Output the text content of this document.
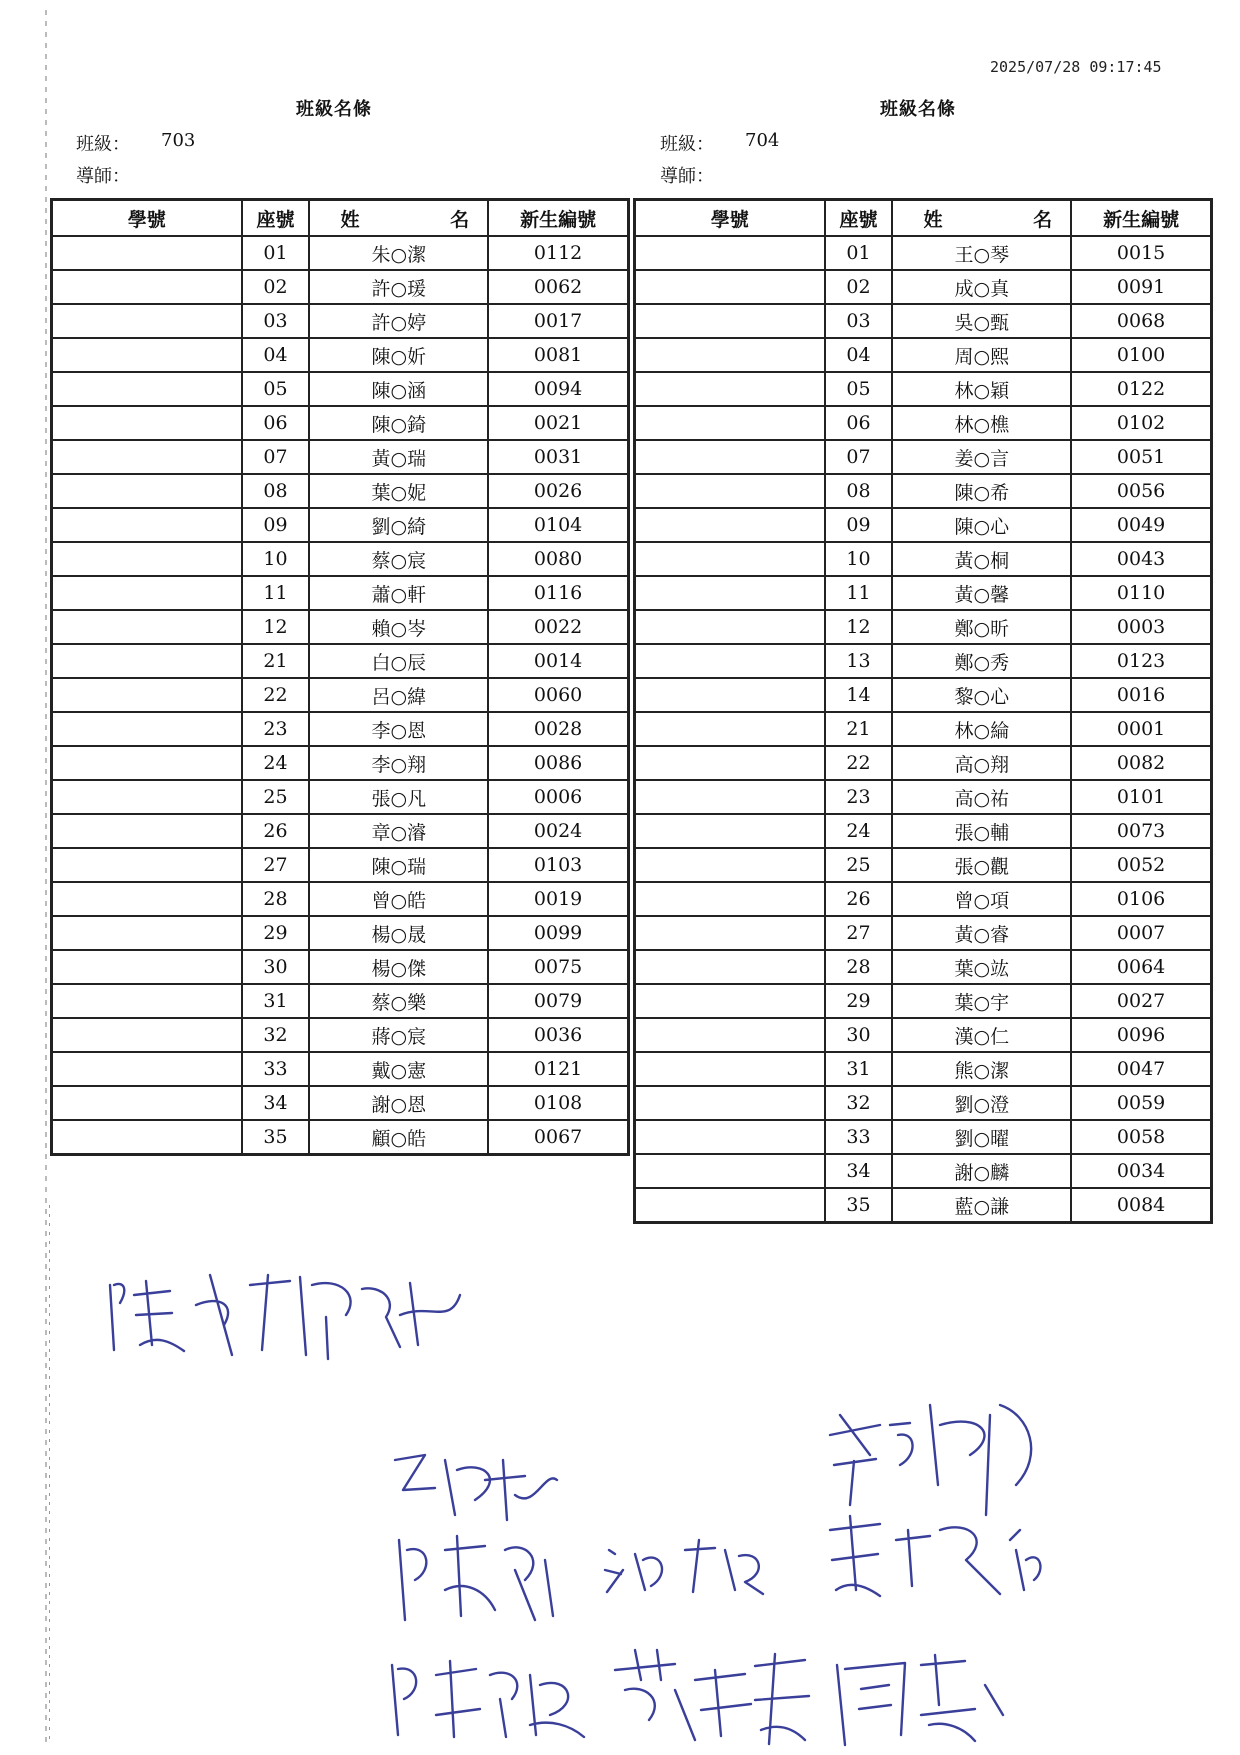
2025/07/28 09:17:45
班級名條
班級： 703
導師：
學號	座號	姓 名	新生編號
	01	朱○潔	0112
	02	許○瑗	0062
	03	許○婷	0017
	04	陳○妡	0081
	05	陳○涵	0094
	06	陳○錡	0021
	07	黃○瑞	0031
	08	葉○妮	0026
	09	劉○綺	0104
	10	蔡○宸	0080
	11	蕭○軒	0116
	12	賴○岑	0022
	21	白○辰	0014
	22	呂○緯	0060
	23	李○恩	0028
	24	李○翔	0086
	25	張○凡	0006
	26	章○濬	0024
	27	陳○瑞	0103
	28	曾○皓	0019
	29	楊○晟	0099
	30	楊○傑	0075
	31	蔡○樂	0079
	32	蔣○宸	0036
	33	戴○憲	0121
	34	謝○恩	0108
	35	顧○皓	0067
班級名條
班級： 704
導師：
學號	座號	姓 名	新生編號
	01	王○琴	0015
	02	成○真	0091
	03	吳○甄	0068
	04	周○熙	0100
	05	林○穎	0122
	06	林○樵	0102
	07	姜○言	0051
	08	陳○希	0056
	09	陳○心	0049
	10	黃○桐	0043
	11	黃○馨	0110
	12	鄭○昕	0003
	13	鄭○秀	0123
	14	黎○心	0016
	21	林○綸	0001
	22	高○翔	0082
	23	高○祐	0101
	24	張○輔	0073
	25	張○觀	0052
	26	曾○項	0106
	27	黃○睿	0007
	28	葉○竑	0064
	29	葉○宇	0027
	30	漢○仁	0096
	31	熊○潔	0047
	32	劉○澄	0059
	33	劉○曜	0058
	34	謝○麟	0034
	35	藍○謙	0084
